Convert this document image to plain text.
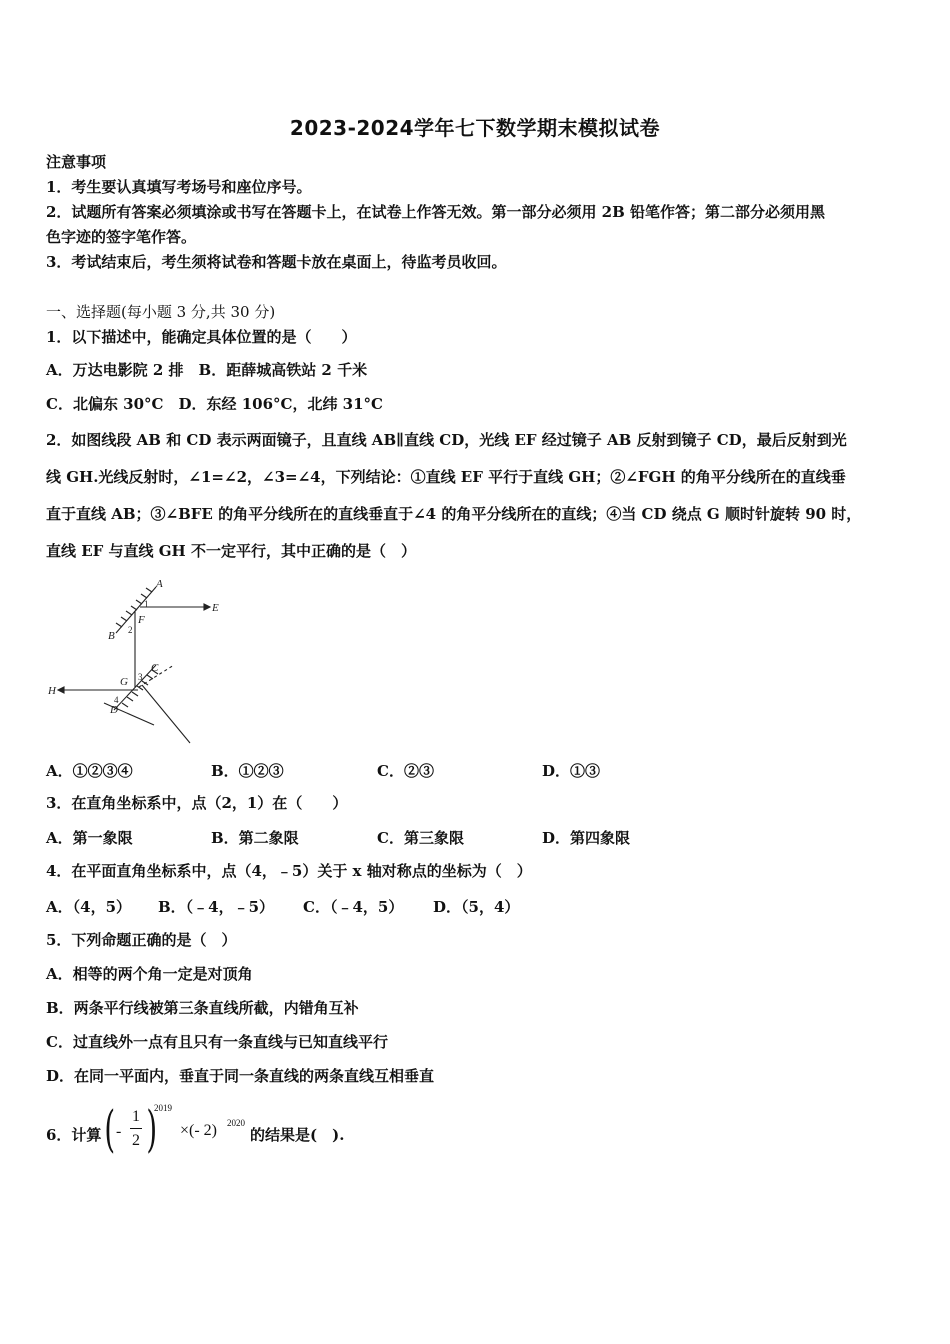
2023-2024学年七下数学期末模拟试卷
注意事项
1．考生要认真填写考场号和座位序号。
2．试题所有答案必须填涂或书写在答题卡上，在试卷上作答无效。第一部分必须用 2B 铅笔作答；第二部分必须用黑
色字迹的签字笔作答。
3．考试结束后，考生须将试卷和答题卡放在桌面上，待监考员收回。
一、选择题(每小题 3 分,共 30 分)
1．以下描述中，能确定具体位置的是（　　）
A．万达电影院 2 排　B．距薛城高铁站 2 千米
C．北偏东 30°C　D．东经 106°C，北纬 31°C
2．如图线段 AB 和 CD 表示两面镜子，且直线 AB∥直线 CD，光线 EF 经过镜子 AB 反射到镜子 CD，最后反射到光
线 GH.光线反射时，∠1=∠2，∠3=∠4，下列结论：①直线 EF 平行于直线 GH；②∠FGH 的角平分线所在的直线垂
直于直线 AB；③∠BFE 的角平分线所在的直线垂直于∠4 的角平分线所在的直线；④当 CD 绕点 G 顺时针旋转 90 时，
直线 EF 与直线 GH 不一定平行，其中正确的是（　）
A
B
C
D
E
F
G
H
1
2
3
4
A．①②③④	B．①②③	C．②③	D．①③
3．在直角坐标系中，点（2，1）在（　　）
A．第一象限	B．第二象限	C．第三象限	D．第四象限
4．在平面直角坐标系中，点（4，﹣5）关于 x 轴对称点的坐标为（　）
A．（4，5） B．（﹣4，﹣5） C．（﹣4，5） D．（5，4）
5．下列命题正确的是（　）
A．相等的两个角一定是对顶角
B．两条平行线被第三条直线所截，内错角互补
C．过直线外一点有且只有一条直线与已知直线平行
D．在同一平面内，垂直于同一条直线的两条直线互相垂直
6．计算 ( -
1
2 )
2019
×(- 2) 2020
的结果是(　).
